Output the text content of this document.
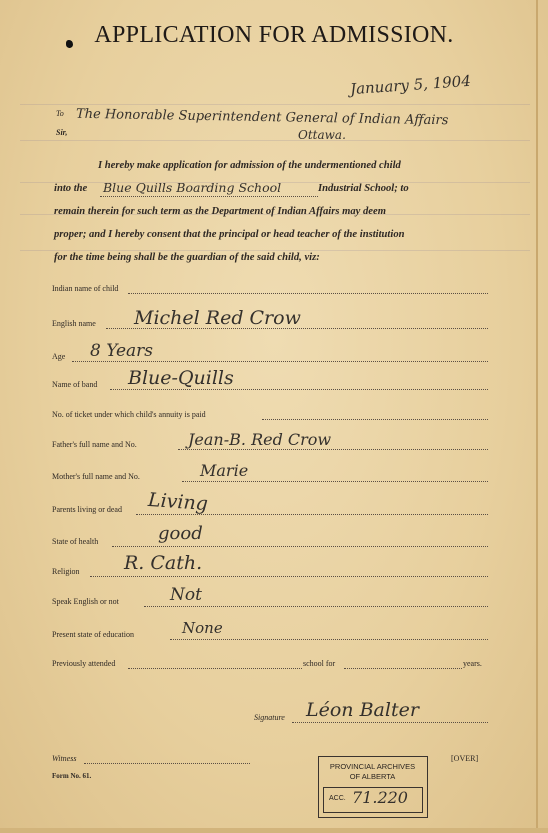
APPLICATION FOR ADMISSION.
January 5, 1904
To
Sir,
The Honorable Superintendent General of Indian Affairs
Ottawa.
I hereby make application for admission of the undermentioned child
into the Blue Quills Boarding School	Industrial School; to
remain therein for such term as the Department of Indian Affairs may deem
proper; and I hereby consent that the principal or head teacher of the institution
for the time being shall be the guardian of the said child, viz:
Indian name of child
English name Michel Red Crow
Age 8 Years
Name of band Blue-Quills
No. of ticket under which child's annuity is paid
Father's full name and No.	Jean-B. Red Crow
Mother's full name and No.	Marie
Parents living or dead Living
State of health	good
Religion R. Cath.
Speak English or not	Not
Present state of education	None
Previously attended	school for	years.
Signature Léon Balter
Witness
Form No. 61.
[OVER]
PROVINCIAL ARCHIVES
OF ALBERTA
ACC. 71.220
